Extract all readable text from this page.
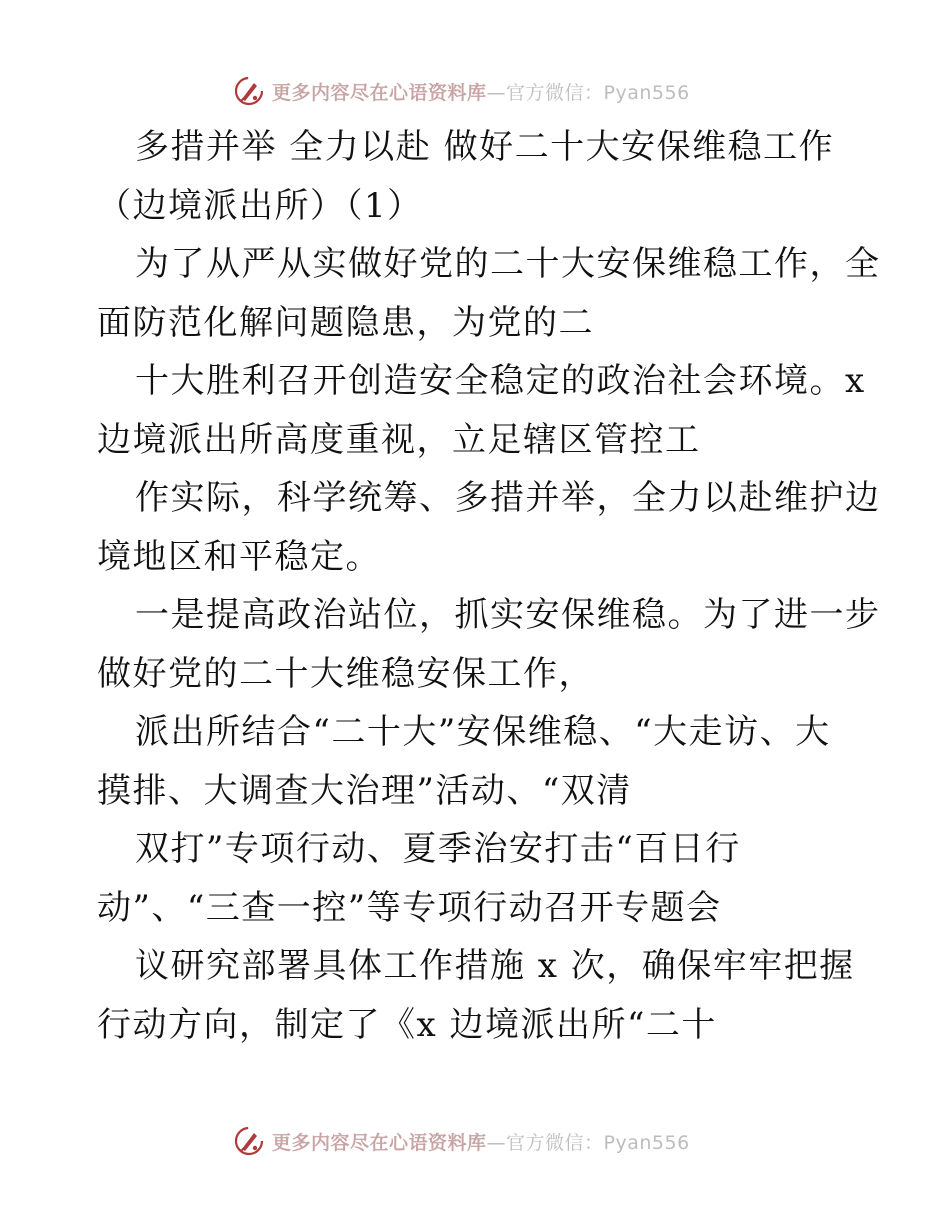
更多内容尽在心语资料库—官方微信：Pyan556
多措并举 全力以赴 做好二十大安保维稳工作
（边境派出所）（1）
为了从严从实做好党的二十大安保维稳工作，全
面防范化解问题隐患，为党的二
十大胜利召开创造安全稳定的政治社会环境。x
边境派出所高度重视，立足辖区管控工
作实际，科学统筹、多措并举，全力以赴维护边
境地区和平稳定。
一是提高政治站位，抓实安保维稳。为了进一步
做好党的二十大维稳安保工作，
派出所结合“二十大”安保维稳、“大走访、大
摸排、大调查大治理”活动、“双清
双打”专项行动、夏季治安打击“百日行
动”、“三查一控”等专项行动召开专题会
议研究部署具体工作措施 x 次，确保牢牢把握
行动方向，制定了《x 边境派出所“二十
更多内容尽在心语资料库—官方微信：Pyan556
